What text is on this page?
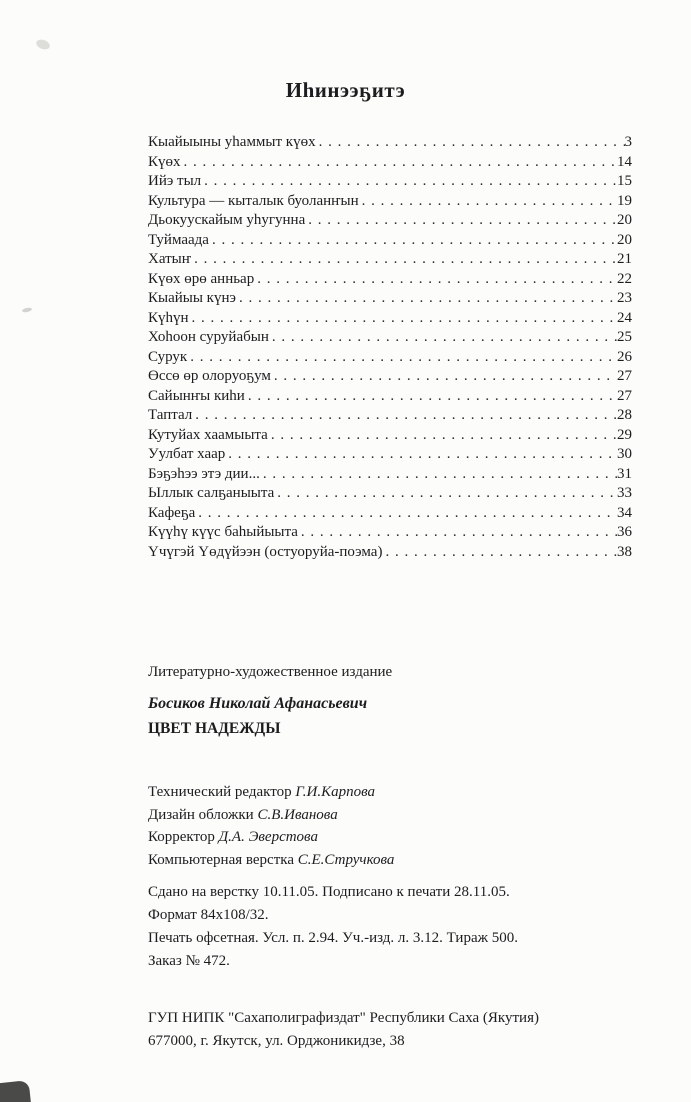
Иһинээҕитэ
Кыайыыны уһаммыт күөх . . .	3
Күөх . . .	14
Ийэ тыл . . .	15
Культура — кыталык буоланҥын . . .	19
Дьокуускайым уһугунна . . .	20
Туймаада . . .	20
Хатыҥ . . .	21
Күөх өрө анньар . . .	22
Кыайыы күнэ . . .	23
Күһүн . . .	24
Хоһоон суруйабын . . .	25
Сурук . . .	26
Өссө өр олоруоҕум . . .	27
Сайынҥы киһи . . .	27
Таптал . . .	28
Кутуйах хаамыыта . . .	29
Уулбат хаар . . .	30
Бэҕэһээ этэ дии... . . .	31
Ыллык салҕаныыта . . .	33
Кафеҕа . . .	34
Күүһү күүс баһыйыыта . . .	36
Үчүгэй Үөдүйээн (остуоруйа-поэма) . . .	38
Литературно-художественное издание
Босиков Николай Афанасьевич
ЦВЕТ НАДЕЖДЫ
Технический редактор Г.И.Карпова
Дизайн обложки С.В.Иванова
Корректор Д.А. Эверстова
Компьютерная верстка С.Е.Стручкова
Сдано на верстку 10.11.05. Подписано к печати 28.11.05.
Формат 84х108/32.
Печать офсетная. Усл. п. 2.94. Уч.-изд. л. 3.12. Тираж 500.
Заказ № 472.
ГУП НИПК "Сахаполиграфиздат" Республики Саха (Якутия)
677000, г. Якутск, ул. Орджоникидзе, 38
